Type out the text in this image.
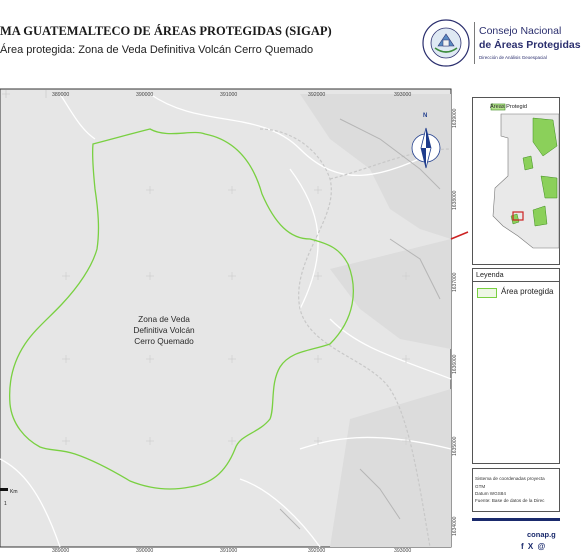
MA GUATEMALTECO DE ÁREAS PROTEGIDAS (SIGAP)
Área protegida: Zona de Veda Definitiva Volcán Cerro Quemado
Consejo Nacional
de Áreas Protegidas
Dirección de Análisis Geoespacial
N
Zona de Veda
Definitiva Volcán
Cerro Quemado
389000	390000	391000	392000	393000
389000	390000	391000	392000	393000
1639000
1638000
1637000
1636000
1635000
1634000
Km
1
Áreas Protegid
Leyenda
Área protegida
Sistema de coordenadas proyecta
GTM
Datum WGS84
Fuente: Base de datos de la Direc
conap.g
f X @
